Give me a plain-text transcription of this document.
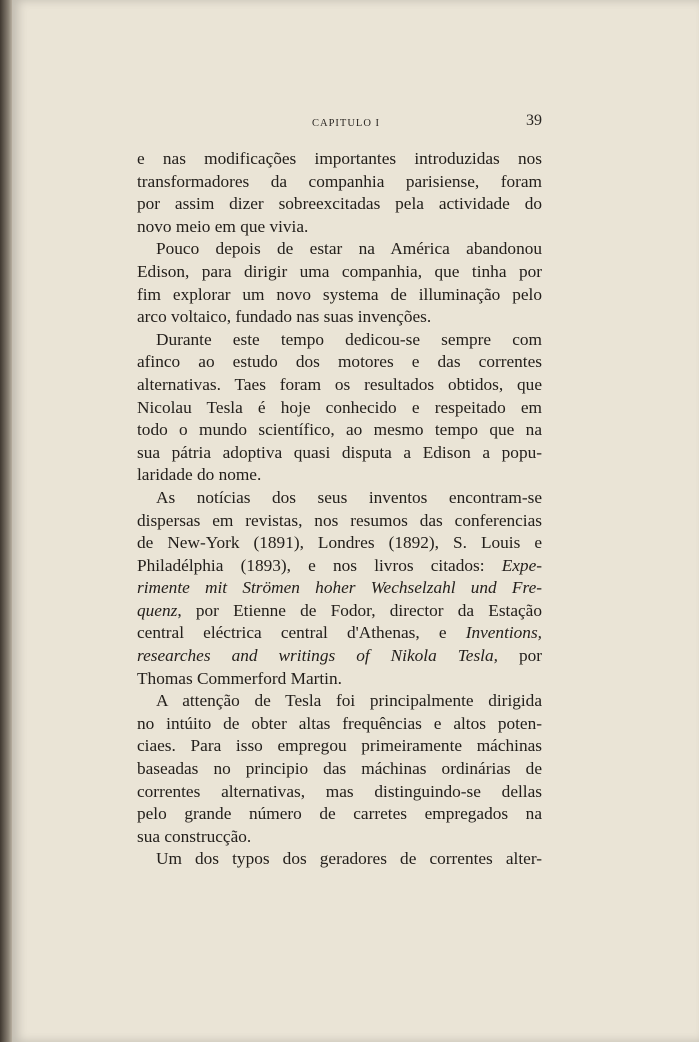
CAPITULO I	39

e nas modificações importantes introduzidas nos
transformadores da companhia parisiense, foram
por assim dizer sobreexcitadas pela actividade do
novo meio em que vivia.

Pouco depois de estar na América abandonou
Edison, para dirigir uma companhia, que tinha por
fim explorar um novo systema de illuminação pelo
arco voltaico, fundado nas suas invenções.

Durante este tempo dedicou-se sempre com
afinco ao estudo dos motores e das correntes
alternativas. Taes foram os resultados obtidos, que
Nicolau Tesla é hoje conhecido e respeitado em
todo o mundo scientífico, ao mesmo tempo que na
sua pátria adoptiva quasi disputa a Edison a popu-
laridade do nome.

As notícias dos seus inventos encontram-se
dispersas em revistas, nos resumos das conferencias
de New-York (1891), Londres (1892), S. Louis e
Philadélphia (1893), e nos livros citados: Expe-
rimente mit Strömen hoher Wechselzahl und Fre-
quenz, por Etienne de Fodor, director da Estação
central eléctrica central d'Athenas, e Inventions,
researches and writings of Nikola Tesla, por
Thomas Commerford Martin.

A attenção de Tesla foi principalmente dirigida
no intúito de obter altas frequências e altos poten-
ciaes. Para isso empregou primeiramente máchinas
baseadas no principio das máchinas ordinárias de
correntes alternativas, mas distinguindo-se dellas
pelo grande número de carretes empregados na
sua construcção.

Um dos typos dos geradores de correntes alter-
